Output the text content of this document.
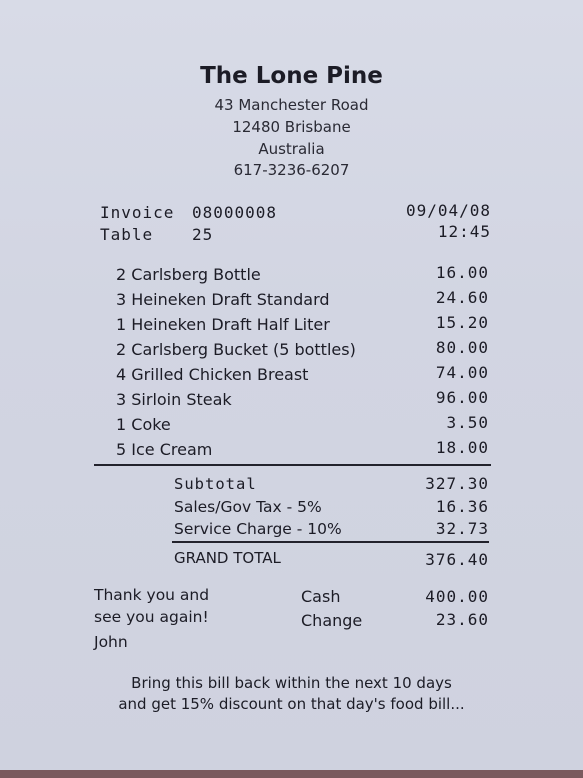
The Lone Pine
43 Manchester Road
12480 Brisbane
Australia
617-3236-6207
Invoice 08000008	09/04/08
Table 25	12:45
2 Carlsberg Bottle	16.00
3 Heineken Draft Standard	24.60
1 Heineken Draft Half Liter	15.20
2 Carlsberg Bucket (5 bottles)	80.00
4 Grilled Chicken Breast	74.00
3 Sirloin Steak	96.00
1 Coke	3.50
5 Ice Cream	18.00
Subtotal	327.30
Sales/Gov Tax - 5%	16.36
Service Charge - 10%	32.73
GRAND TOTAL	376.40
Thank you and
see you again!
John
Cash	400.00
Change	23.60
Bring this bill back within the next 10 days
and get 15% discount on that day's food bill...
